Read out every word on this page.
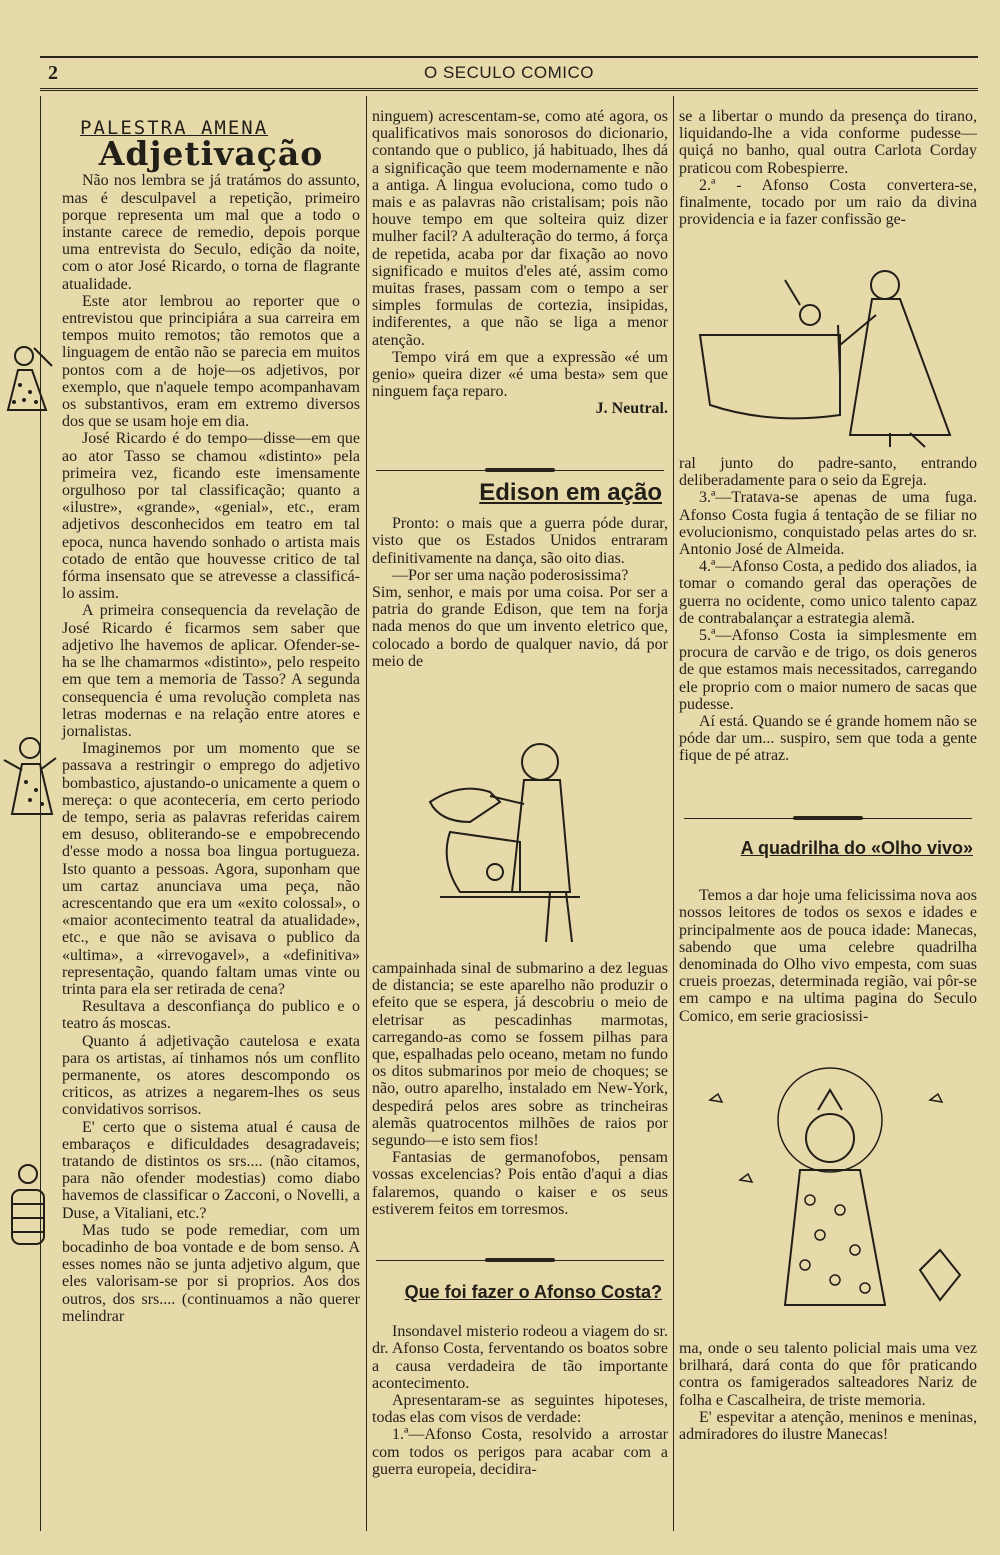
2	O SECULO COMICO
PALESTRA AMENA
Adjetivação

Não nos lembra se já tratámos do assunto, mas é desculpavel a repetição, primeiro porque representa um mal que a todo o instante carece de remedio, depois porque uma entrevista do Seculo, edição da noite, com o ator José Ricardo, o torna de flagrante atualidade.

Este ator lembrou ao reporter que o entrevistou que principiára a sua carreira em tempos muito remotos; tão remotos que a linguagem de então não se parecia em muitos pontos com a de hoje—os adjetivos, por exemplo, que n'aquele tempo acompanhavam os substantivos, eram em extremo diversos dos que se usam hoje em dia.

José Ricardo é do tempo—disse—em que ao ator Tasso se chamou «distinto» pela primeira vez, ficando este imensamente orgulhoso por tal classificação; quanto a «ilustre», «grande», «genial», etc., eram adjetivos desconhecidos em teatro em tal epoca, nunca havendo sonhado o artista mais cotado de então que houvesse critico de tal fórma insensato que se atrevesse a classificá-lo assim.

A primeira consequencia da revelação de José Ricardo é ficarmos sem saber que adjetivo lhe havemos de aplicar. Ofender-se-ha se lhe chamarmos «distinto», pelo respeito em que tem a memoria de Tasso? A segunda consequencia é uma revolução completa nas letras modernas e na relação entre atores e jornalistas.

Imaginemos por um momento que se passava a restringir o emprego do adjetivo bombastico, ajustando-o unicamente a quem o mereça: o que aconteceria, em certo periodo de tempo, seria as palavras referidas cairem em desuso, obliterando-se e empobrecendo d'esse modo a nossa boa lingua portugueza. Isto quanto a pessoas. Agora, suponham que um cartaz anunciava uma peça, não acrescentando que era um «exito colossal», o «maior acontecimento teatral da atualidade», etc., e que não se avisava o publico da «ultima», a «irrevogavel», a «definitiva» representação, quando faltam umas vinte ou trinta para ela ser retirada de cena?

Resultava a desconfiança do publico e o teatro ás moscas.

Quanto á adjetivação cautelosa e exata para os artistas, aí tinhamos nós um conflito permanente, os atores descompondo os criticos, as atrizes a negarem-lhes os seus convidativos sorrisos.

E' certo que o sistema atual é causa de embaraços e dificuldades desagradaveis; tratando de distintos os srs.... (não citamos, para não ofender modestias) como diabo havemos de classificar o Zacconi, o Novelli, a Duse, a Vitaliani, etc.?

Mas tudo se pode remediar, com um bocadinho de boa vontade e de bom senso. A esses nomes não se junta adjetivo algum, que eles valorisam-se por si proprios. Aos dos outros, dos srs.... (continuamos a não querer melindrar

ninguem) acrescentam-se, como até agora, os qualificativos mais sonorosos do dicionario, contando que o publico, já habituado, lhes dá a significação que teem modernamente e não a antiga. A lingua evoluciona, como tudo o mais e as palavras não cristalisam; pois não houve tempo em que solteira quiz dizer mulher facil? A adulteração do termo, á força de repetida, acaba por dar fixação ao novo significado e muitos d'eles até, assim como muitas frases, passam com o tempo a ser simples formulas de cortezia, insipidas, indiferentes, a que não se liga a menor atenção.

Tempo virá em que a expressão «é um genio» queira dizer «é uma besta» sem que ninguem faça reparo.

J. Neutral.

Edison em ação

Pronto: o mais que a guerra póde durar, visto que os Estados Unidos entraram definitivamente na dança, são oito dias.

—Por ser uma nação poderosissima?

Sim, senhor, e mais por uma coisa. Por ser a patria do grande Edison, que tem na forja nada menos do que um invento eletrico que, colocado a bordo de qualquer navio, dá por meio de

campainhada sinal de submarino a dez leguas de distancia; se este aparelho não produzir o efeito que se espera, já descobriu o meio de eletrisar as pescadinhas marmotas, carregando-as como se fossem pilhas para que, espalhadas pelo oceano, metam no fundo os ditos submarinos por meio de choques; se não, outro aparelho, instalado em New-York, despedirá pelos ares sobre as trincheiras alemãs quatrocentos milhões de raios por segundo—e isto sem fios!

Fantasias de germanofobos, pensam vossas excelencias? Pois então d'aqui a dias falaremos, quando o kaiser e os seus estiverem feitos em torresmos.

Que foi fazer o Afonso Costa?

Insondavel misterio rodeou a viagem do sr. dr. Afonso Costa, ferventando os boatos sobre a causa verdadeira de tão importante acontecimento.

Apresentaram-se as seguintes hipoteses, todas elas com visos de verdade:

1.ª—Afonso Costa, resolvido a arrostar com todos os perigos para acabar com a guerra europeia, decidira-

se a libertar o mundo da presença do tirano, liquidando-lhe a vida conforme pudesse—quiçá no banho, qual outra Carlota Corday praticou com Robespierre.

2.ª - Afonso Costa convertera-se, finalmente, tocado por um raio da divina providencia e ia fazer confissão ge-

ral junto do padre-santo, entrando deliberadamente para o seio da Egreja.

3.ª—Tratava-se apenas de uma fuga. Afonso Costa fugia á tentação de se filiar no evolucionismo, conquistado pelas artes do sr. Antonio José de Almeida.

4.ª—Afonso Costa, a pedido dos aliados, ia tomar o comando geral das operações de guerra no ocidente, como unico talento capaz de contrabalançar a estrategia alemã.

5.ª—Afonso Costa ia simplesmente em procura de carvão e de trigo, os dois generos de que estamos mais necessitados, carregando ele proprio com o maior numero de sacas que pudesse.

Aí está. Quando se é grande homem não se póde dar um... suspiro, sem que toda a gente fique de pé atraz.

A quadrilha do «Olho vivo»

Temos a dar hoje uma felicissima nova aos nossos leitores de todos os sexos e idades e principalmente aos de pouca idade: Manecas, sabendo que uma celebre quadrilha denominada do Olho vivo empesta, com suas crueis proezas, determinada região, vai pôr-se em campo e na ultima pagina do Seculo Comico, em serie graciosissi-

ma, onde o seu talento policial mais uma vez brilhará, dará conta do que fôr praticando contra os famigerados salteadores Nariz de folha e Cascalheira, de triste memoria.

E' espevitar a atenção, meninos e meninas, admiradores do ilustre Manecas!
